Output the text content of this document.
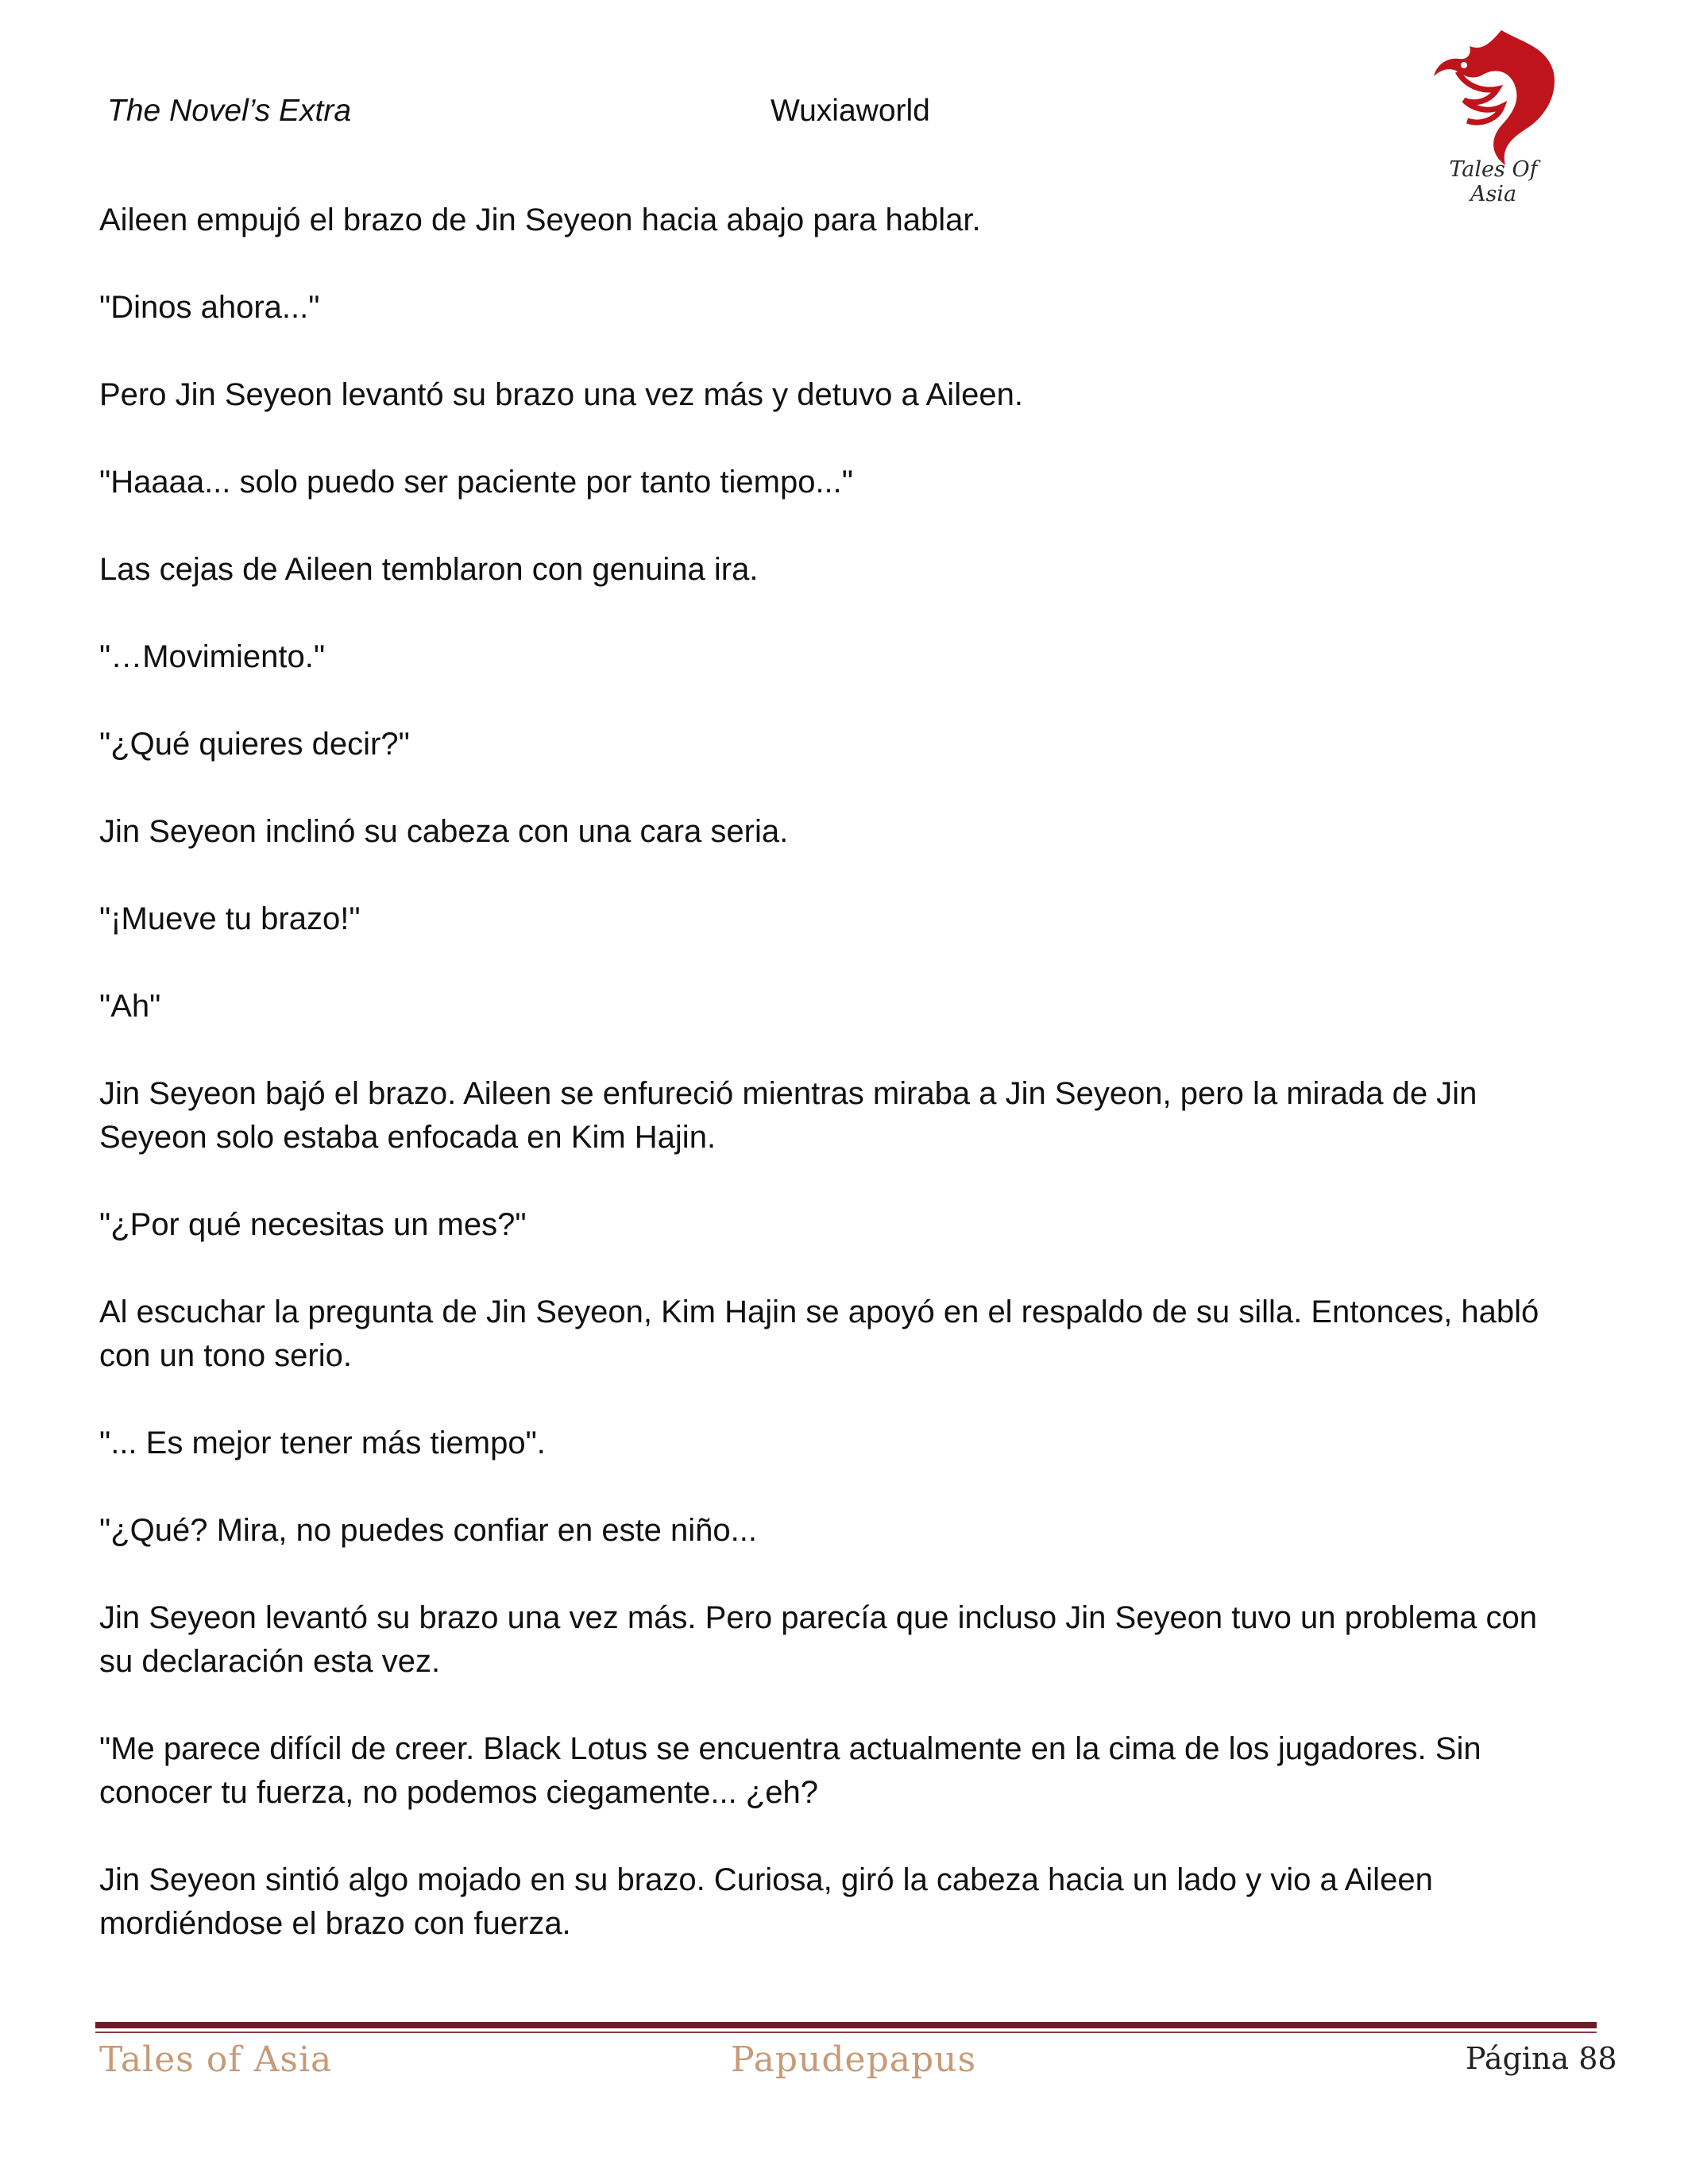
The Novel’s Extra	Wuxiaworld
Tales Of Asia

Aileen empujó el brazo de Jin Seyeon hacia abajo para hablar.

"Dinos ahora..."

Pero Jin Seyeon levantó su brazo una vez más y detuvo a Aileen.

"Haaaa... solo puedo ser paciente por tanto tiempo..."

Las cejas de Aileen temblaron con genuina ira.

"…Movimiento."

"¿Qué quieres decir?"

Jin Seyeon inclinó su cabeza con una cara seria.

"¡Mueve tu brazo!"

"Ah"

Jin Seyeon bajó el brazo. Aileen se enfureció mientras miraba a Jin Seyeon, pero la mirada de Jin Seyeon solo estaba enfocada en Kim Hajin.

"¿Por qué necesitas un mes?"

Al escuchar la pregunta de Jin Seyeon, Kim Hajin se apoyó en el respaldo de su silla. Entonces, habló con un tono serio.

"... Es mejor tener más tiempo".

"¿Qué? Mira, no puedes confiar en este niño...

Jin Seyeon levantó su brazo una vez más. Pero parecía que incluso Jin Seyeon tuvo un problema con su declaración esta vez.

"Me parece difícil de creer. Black Lotus se encuentra actualmente en la cima de los jugadores. Sin conocer tu fuerza, no podemos ciegamente... ¿eh?

Jin Seyeon sintió algo mojado en su brazo. Curiosa, giró la cabeza hacia un lado y vio a Aileen mordiéndose el brazo con fuerza.

Tales of Asia	Papudepapus	Página 88
